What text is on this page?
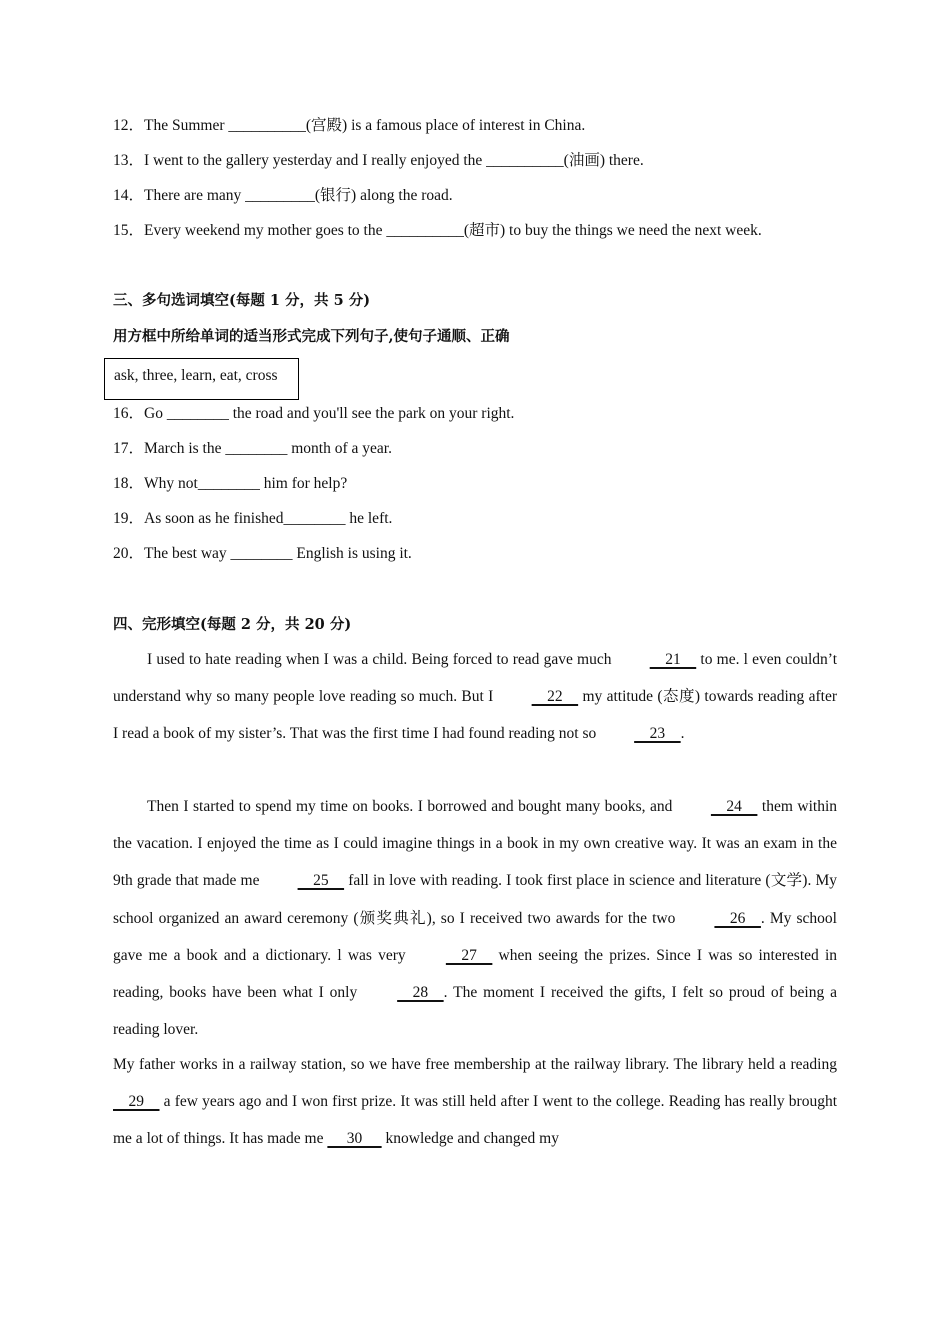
12．The Summer __________(宫殿) is a famous place of interest in China.
13．I went to the gallery yesterday and I really enjoyed the __________(油画) there.
14．There are many _________(银行) along the road.
15．Every weekend my mother goes to the __________(超市) to buy the things we need the next week.
三、多句选词填空(每题 1 分，共 5 分)
用方框中所给单词的适当形式完成下列句子,使句子通顺、正确
ask, three, learn, eat, cross
16．Go ________ the road and you'll see the park on your right.
17．March is the ________ month of a year.
18．Why not________ him for help?
19．As soon as he finished________ he left.
20．The best way ________ English is using it.
四、完形填空(每题 2 分，共 20 分)
I used to hate reading when I was a child. Being forced to read gave much     21     to me. l even couldn’t understand why so many people love reading so much. But I     22     my attitude (态度) towards reading after I read a book of my sister’s. That was the first time I had found reading not so     23    .
Then I started to spend my time on books. I borrowed and bought many books, and     24     them within the vacation. I enjoyed the time as I could imagine things in a book in my own creative way. It was an exam in the 9th grade that made me     25     fall in love with reading. I took first place in science and literature (文学). My school organized an award ceremony (颁奖典礼), so I received two awards for the two     26    . My school gave me a book and a dictionary. l was very     27     when seeing the prizes. Since I was so interested in reading, books have been what I only     28    . The moment I received the gifts, I felt so proud of being a reading lover.
My father works in a railway station, so we have free membership at the railway library. The library held a reading     29     a few years ago and I won first prize. It was still held after I went to the college. Reading has really brought me a lot of things. It has made me      30      knowledge and changed my
